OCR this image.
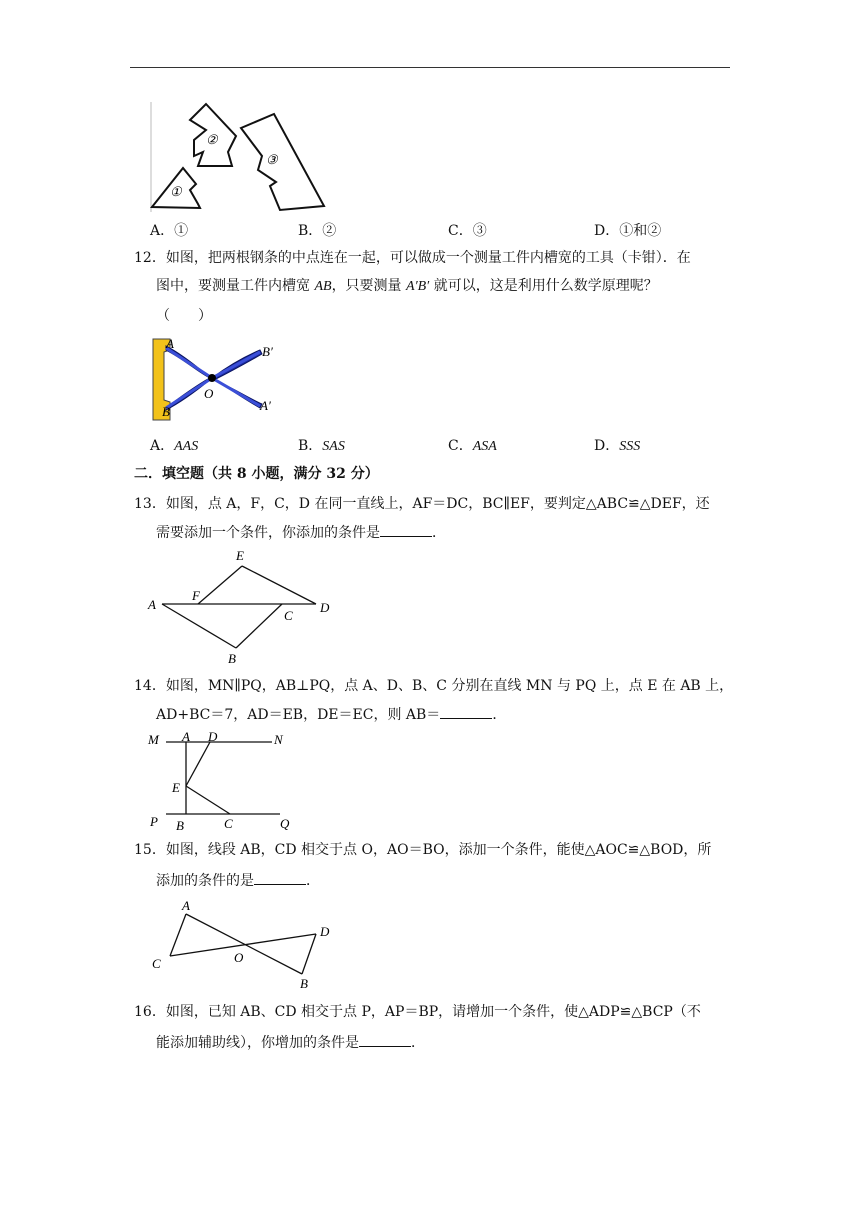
①
②
③
A．①	B．②	C．③	D．①和②
12．如图，把两根钢条的中点连在一起，可以做成一个测量工件内槽宽的工具（卡钳）．在
图中，要测量工件内槽宽 AB，只要测量 A′B′ 就可以，这是利用什么数学原理呢？
（　　）
A
B
O
B′
A′
A．AAS	B．SAS	C．ASA	D．SSS
二．填空题（共 8 小题，满分 32 分）
13．如图，点 A，F，C，D 在同一直线上，AF＝DC，BC∥EF，要判定△ABC≌△DEF，还
需要添加一个条件，你添加的条件是	．
A
F
E
C
D
B
14．如图，MN∥PQ，AB⊥PQ，点 A、D、B、C 分别在直线 MN 与 PQ 上，点 E 在 AB 上，
AD+BC＝7，AD＝EB，DE＝EC，则 AB＝	．
M A D	N
E
P B	C	Q
15．如图，线段 AB，CD 相交于点 O，AO＝BO，添加一个条件，能使△AOC≌△BOD，所
添加的条件的是	．
A
C	O
D
B
16．如图，已知 AB、CD 相交于点 P，AP＝BP，请增加一个条件，使△ADP≌△BCP（不
能添加辅助线），你增加的条件是	．
